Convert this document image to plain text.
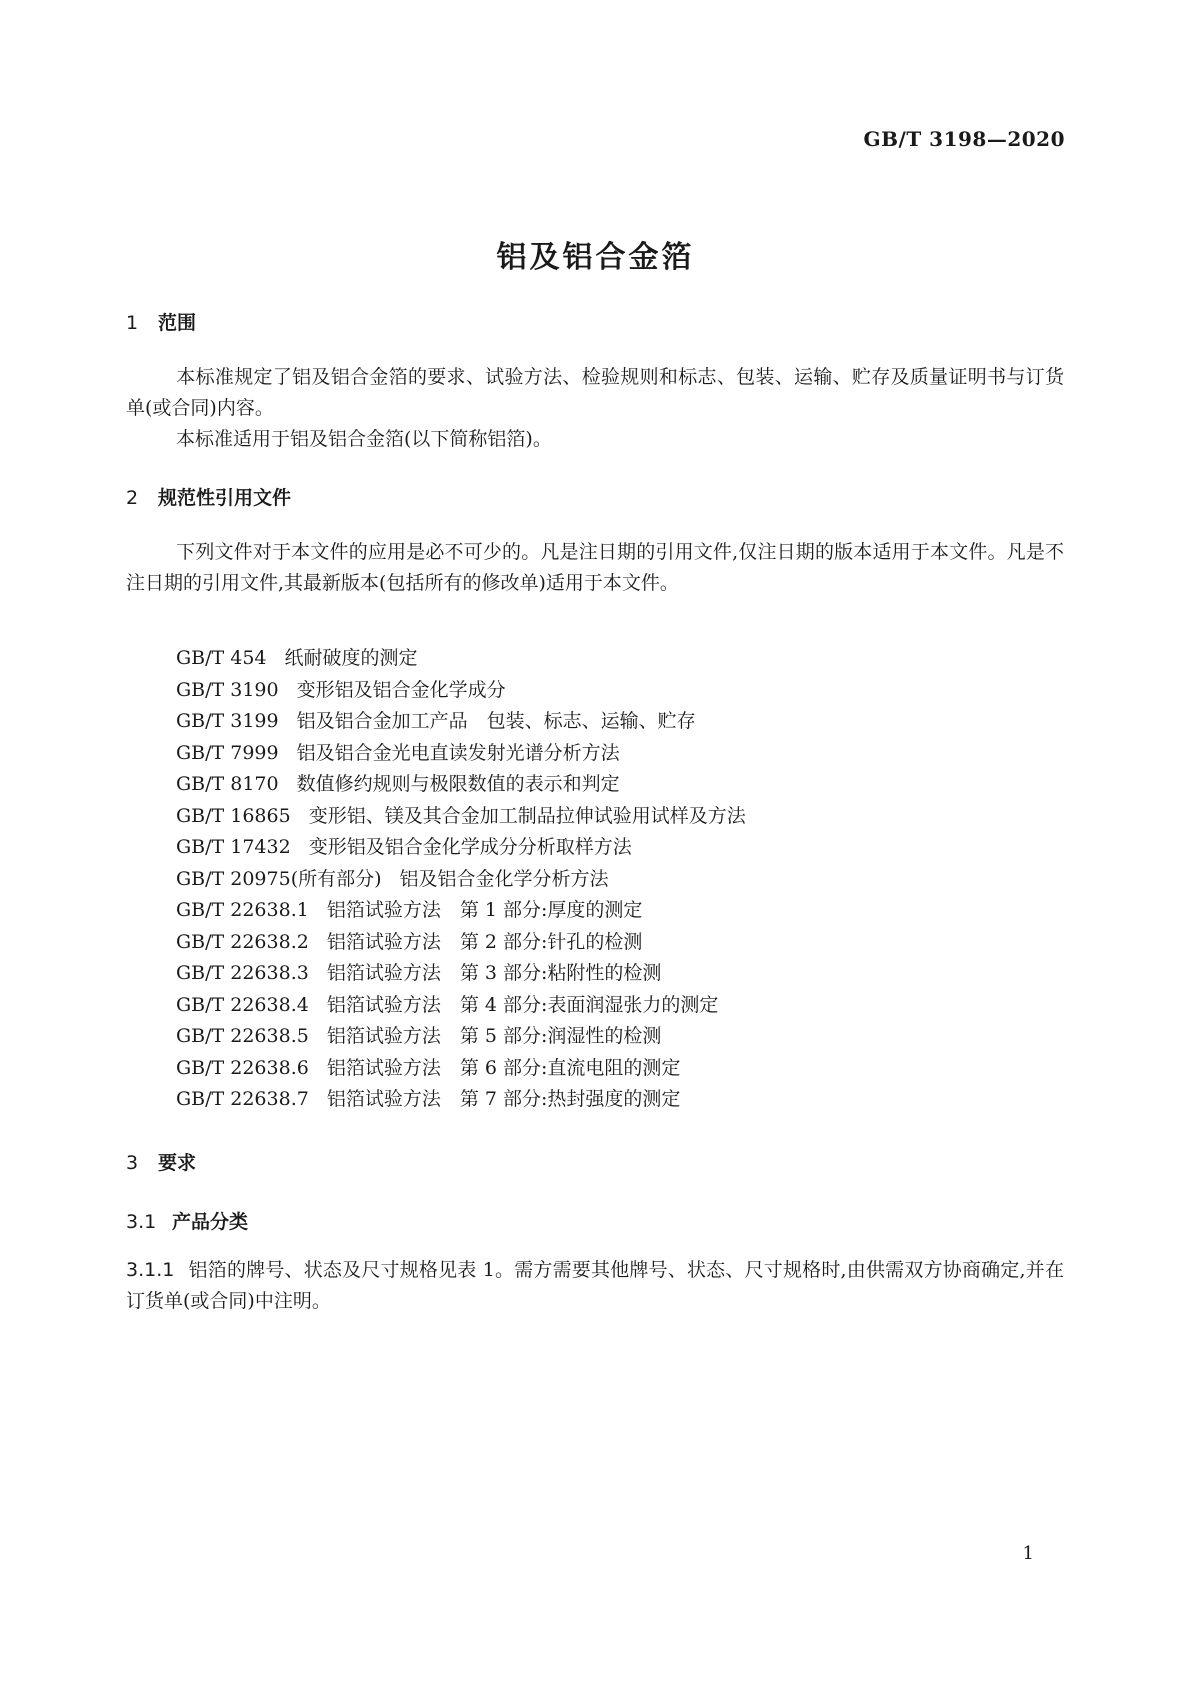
GB/T 3198—2020
铝及铝合金箔
1 范围
本标准规定了铝及铝合金箔的要求、试验方法、检验规则和标志、包装、运输、贮存及质量证明书与订货单(或合同)内容。
本标准适用于铝及铝合金箔(以下简称铝箔)。
2 规范性引用文件
下列文件对于本文件的应用是必不可少的。凡是注日期的引用文件,仅注日期的版本适用于本文件。凡是不注日期的引用文件,其最新版本(包括所有的修改单)适用于本文件。
GB/T 454 纸耐破度的测定
GB/T 3190 变形铝及铝合金化学成分
GB/T 3199 铝及铝合金加工产品　包装、标志、运输、贮存
GB/T 7999 铝及铝合金光电直读发射光谱分析方法
GB/T 8170 数值修约规则与极限数值的表示和判定
GB/T 16865 变形铝、镁及其合金加工制品拉伸试验用试样及方法
GB/T 17432 变形铝及铝合金化学成分分析取样方法
GB/T 20975(所有部分) 铝及铝合金化学分析方法
GB/T 22638.1 铝箔试验方法　第 1 部分:厚度的测定
GB/T 22638.2 铝箔试验方法　第 2 部分:针孔的检测
GB/T 22638.3 铝箔试验方法　第 3 部分:粘附性的检测
GB/T 22638.4 铝箔试验方法　第 4 部分:表面润湿张力的测定
GB/T 22638.5 铝箔试验方法　第 5 部分:润湿性的检测
GB/T 22638.6 铝箔试验方法　第 6 部分:直流电阻的测定
GB/T 22638.7 铝箔试验方法　第 7 部分:热封强度的测定
3 要求
3.1 产品分类
3.1.1 铝箔的牌号、状态及尺寸规格见表 1。需方需要其他牌号、状态、尺寸规格时,由供需双方协商确定,并在订货单(或合同)中注明。
1
